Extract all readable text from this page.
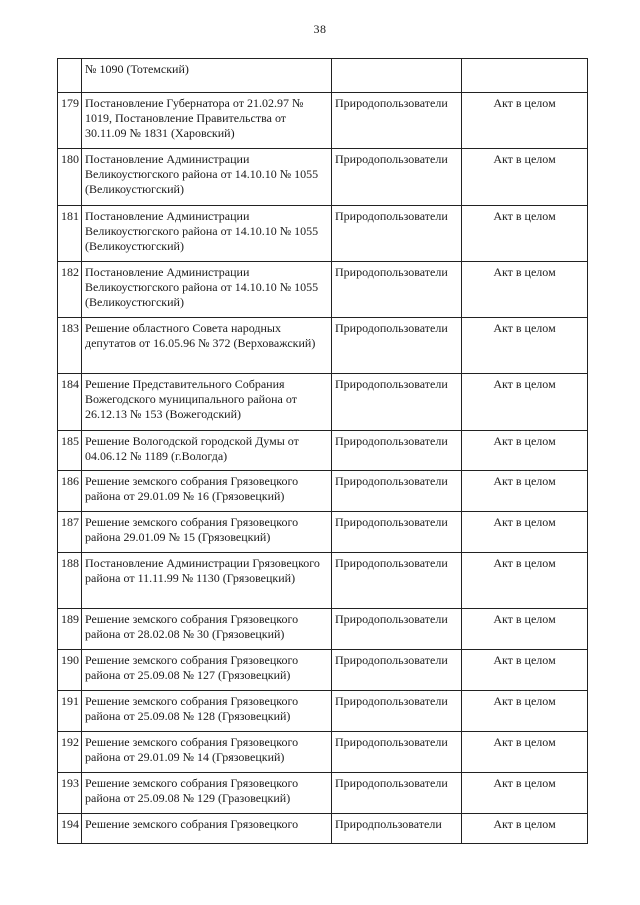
38
	№ 1090 (Тотемский)		
179	Постановление Губернатора от 21.02.97 № 1019, Постановление Правительства от 30.11.09 № 1831 (Харовский)	Природопользователи	Акт в целом
180	Постановление Администрации Великоустюгского района от 14.10.10 № 1055 (Великоустюгский)	Природопользователи	Акт в целом
181	Постановление Администрации Великоустюгского района от 14.10.10 № 1055 (Великоустюгский)	Природопользователи	Акт в целом
182	Постановление Администрации Великоустюгского района от 14.10.10 № 1055 (Великоустюгский)	Природопользователи	Акт в целом
183	Решение областного Совета народных депутатов от 16.05.96 № 372 (Верховажский)	Природопользователи	Акт в целом
184	Решение Представительного Собрания Вожегодского муниципального района от 26.12.13 № 153 (Вожегодский)	Природопользователи	Акт в целом
185	Решение Вологодской городской Думы от 04.06.12 № 1189 (г.Вологда)	Природопользователи	Акт в целом
186	Решение земского собрания Грязовецкого района от 29.01.09 № 16 (Грязовецкий)	Природопользователи	Акт в целом
187	Решение земского собрания Грязовецкого района 29.01.09 № 15 (Грязовецкий)	Природопользователи	Акт в целом
188	Постановление Администрации Грязовецкого района от 11.11.99 № 1130 (Грязовецкий)	Природопользователи	Акт в целом
189	Решение земского собрания Грязовецкого района от 28.02.08 № 30 (Грязовецкий)	Природопользователи	Акт в целом
190	Решение земского собрания Грязовецкого района от 25.09.08 № 127 (Грязовецкий)	Природопользователи	Акт в целом
191	Решение земского собрания Грязовецкого района от 25.09.08 № 128 (Грязовецкий)	Природопользователи	Акт в целом
192	Решение земского собрания Грязовецкого района от 29.01.09 № 14 (Грязовецкий)	Природопользователи	Акт в целом
193	Решение земского собрания Грязовецкого района от 25.09.08 № 129 (Гразовецкий)	Природопользователи	Акт в целом
194	Решение земского собрания Грязовецкого	Природпользователи	Акт в целом
